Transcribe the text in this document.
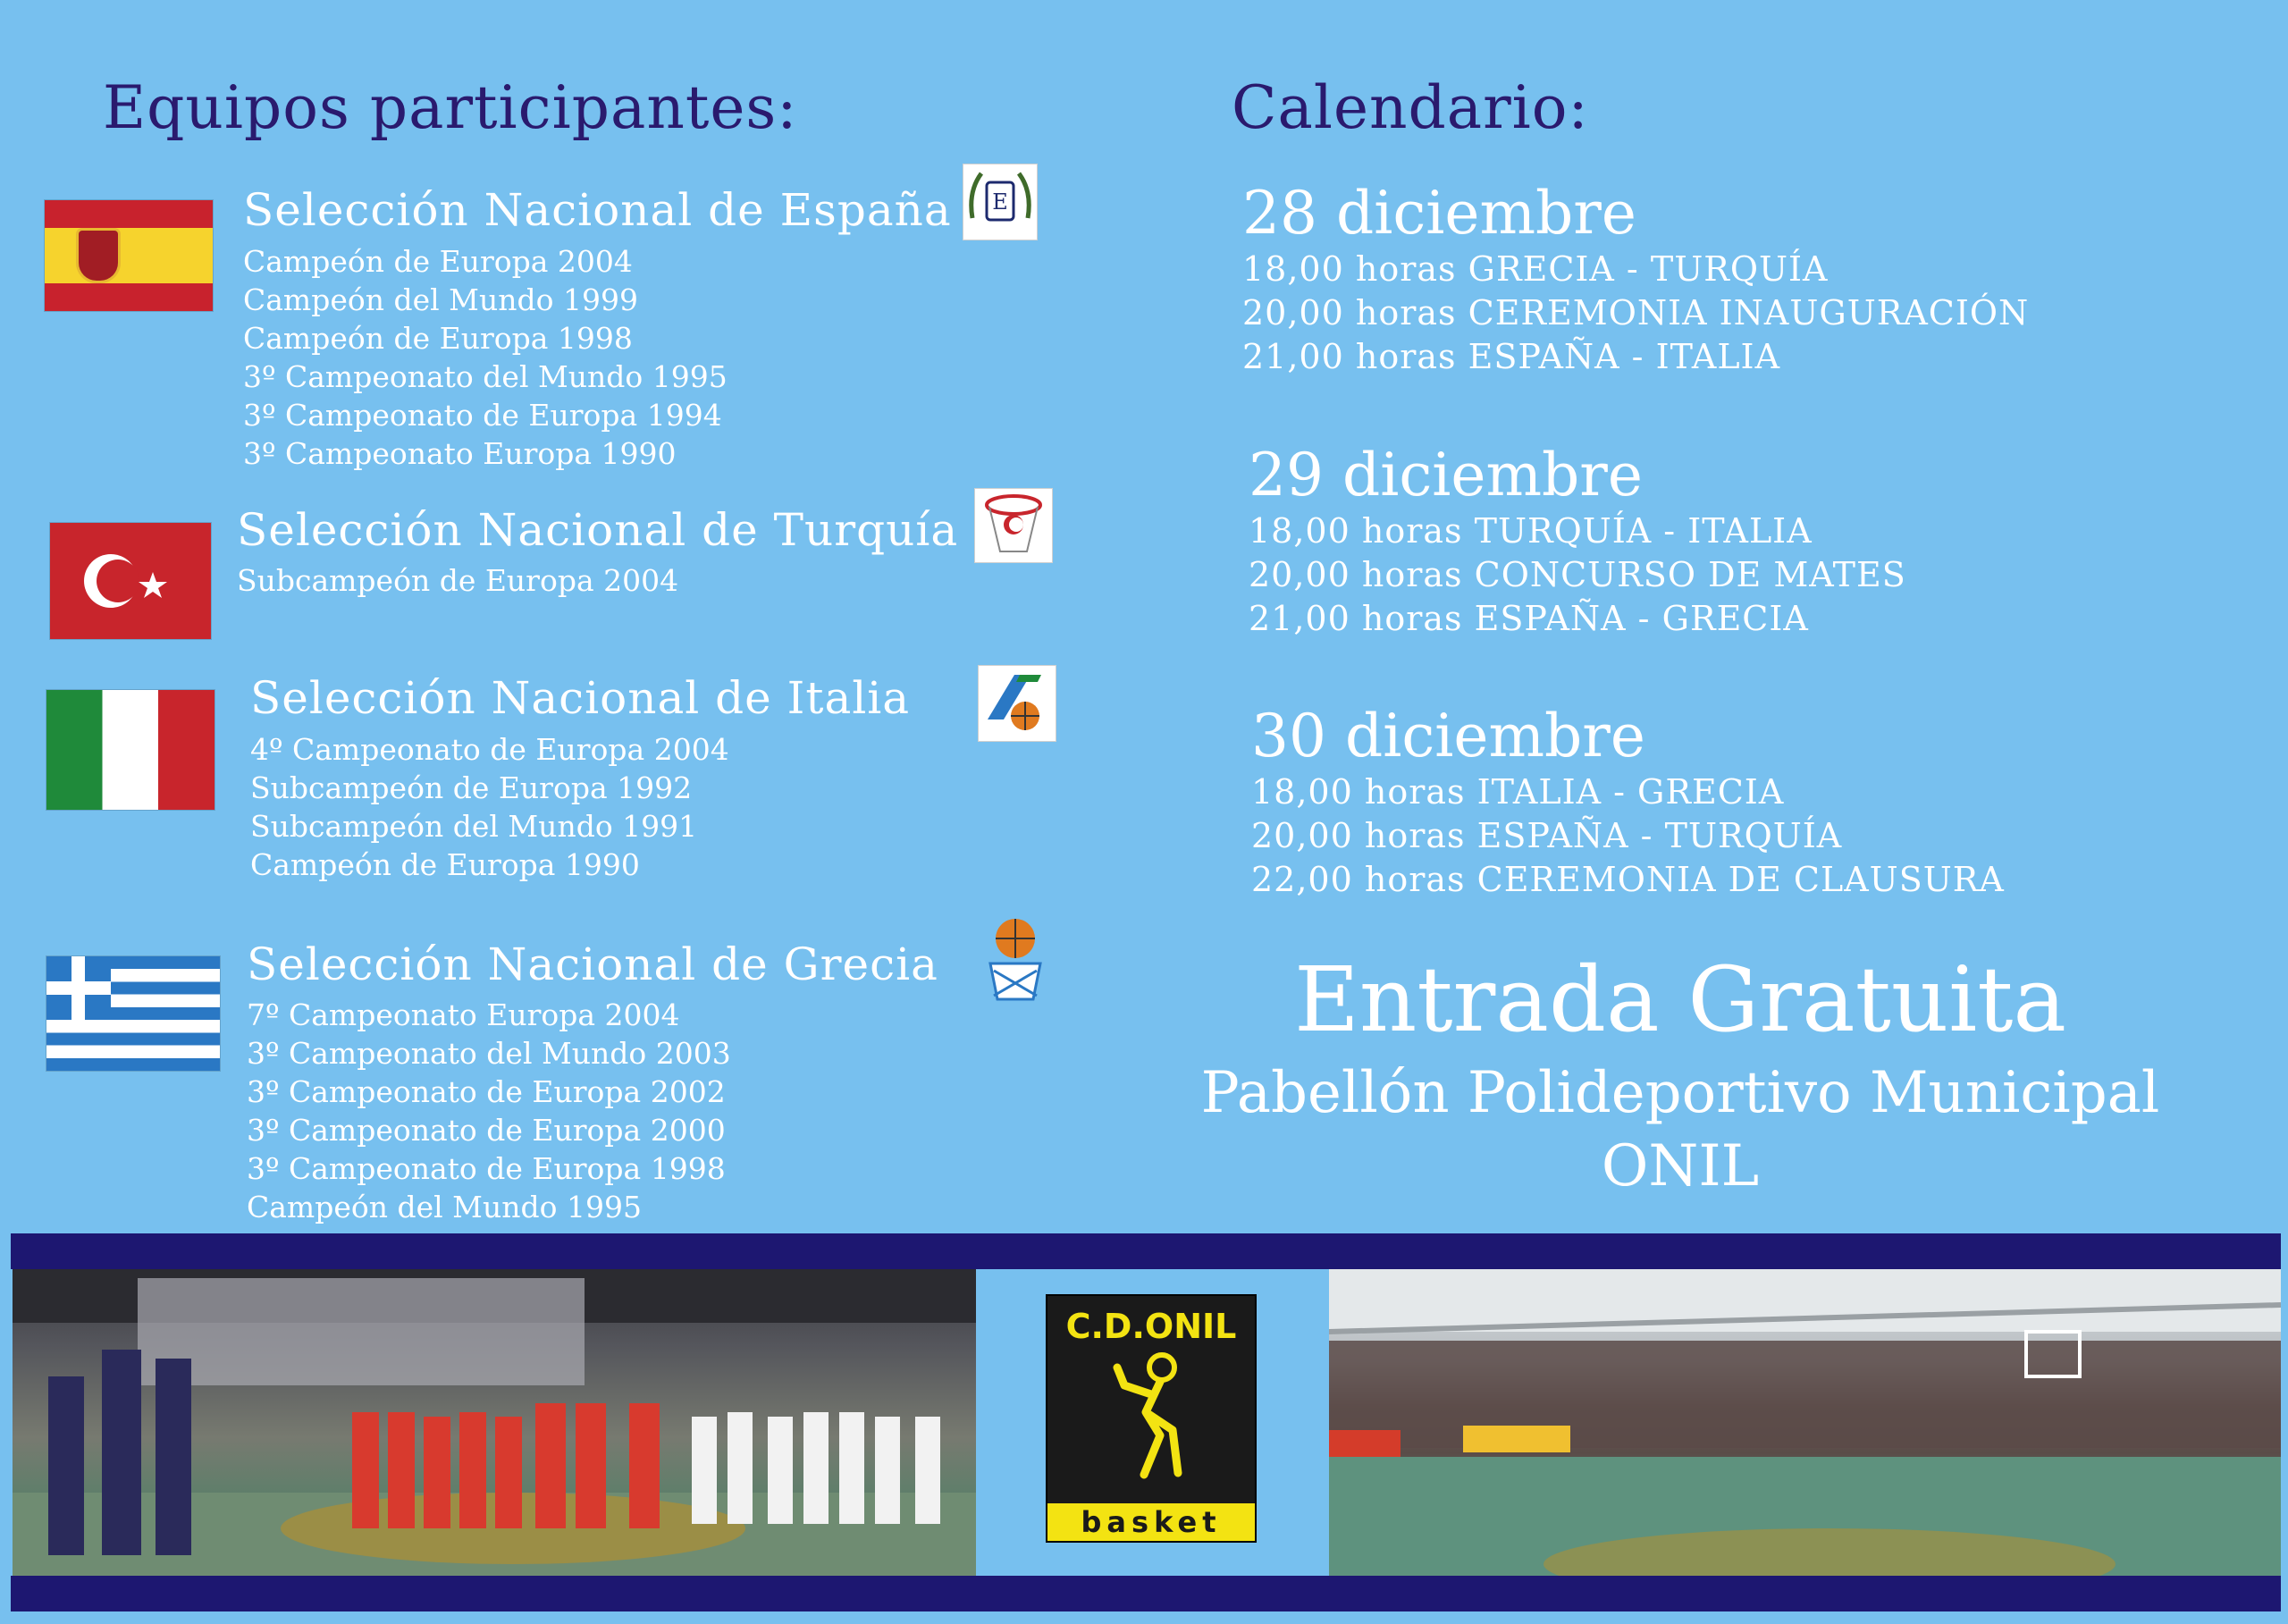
Equipos participantes:
E
Selección Nacional de España
Campeón de Europa 2004
Campeón del Mundo 1999
Campeón de Europa 1998
3º Campeonato del Mundo 1995
3º Campeonato de Europa 1994
3º Campeonato Europa 1990
Selección Nacional de Turquía
Subcampeón de Europa 2004
Selección Nacional de Italia
4º Campeonato de Europa 2004
Subcampeón de Europa 1992
Subcampeón del Mundo 1991
Campeón de Europa 1990
Selección Nacional de Grecia
7º Campeonato Europa 2004
3º Campeonato del Mundo 2003
3º Campeonato de Europa 2002
3º Campeonato de Europa 2000
3º Campeonato de Europa 1998
Campeón del Mundo 1995
Calendario:
28 diciembre
18,00 horas GRECIA - TURQUÍA
20,00 horas CEREMONIA INAUGURACIÓN
21,00 horas ESPAÑA - ITALIA
29 diciembre
18,00 horas TURQUÍA - ITALIA
20,00 horas CONCURSO DE MATES
21,00 horas ESPAÑA - GRECIA
30 diciembre
18,00 horas ITALIA - GRECIA
20,00 horas ESPAÑA - TURQUÍA
22,00 horas CEREMONIA DE CLAUSURA
Entrada Gratuita
Pabellón Polideportivo Municipal
ONIL
C.D.ONIL
basket
